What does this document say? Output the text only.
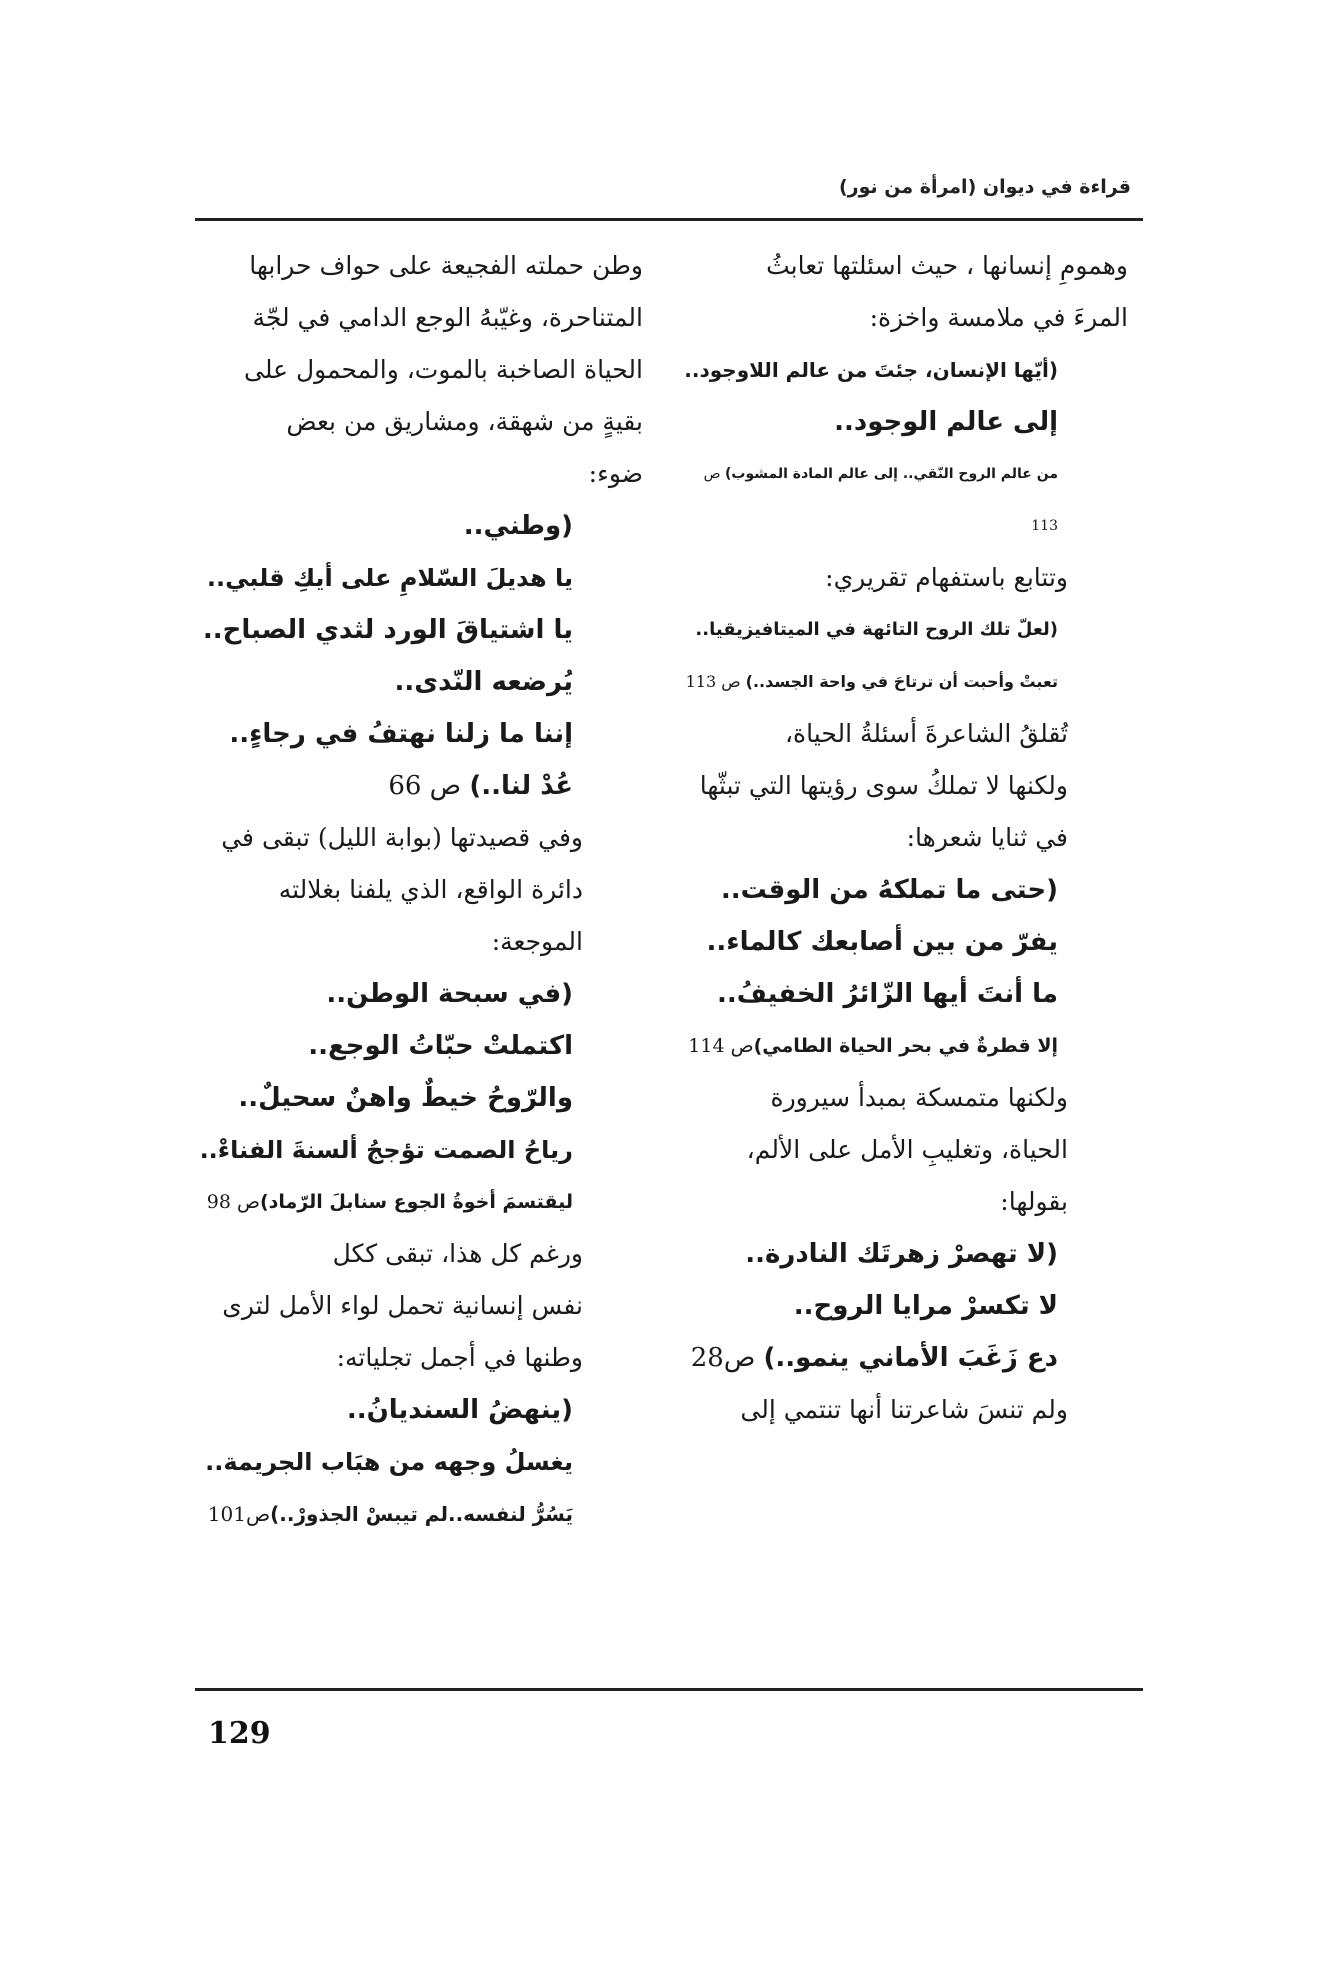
قراءة في ديوان (امرأة من نور)

وهمومِ إنسانها ، حيث اسئلتها تعابثُ
المرءَ في ملامسة واخزة:

(أيّها الإنسان، جئتَ من عالم اللاوجود..

إلى عالم الوجود..

من عالم الروح النّقي.. إلى عالم المادة المشوب) ص 113

وتتابع باستفهام تقريري:

(لعلّ تلك الروح التائهة في الميتافيزيقيا..

تعبتْ وأحبت أن ترتاحَ في واحة الجسد..) ص 113

تُقلقُ الشاعرةَ أسئلةُ الحياة،
ولكنها لا تملكُ سوى رؤيتها التي تبثّها
في ثنايا شعرها:

(حتى ما تملكهُ من الوقت..

يفرّ من بين أصابعك كالماء..

ما أنتَ أيها الزّائرُ الخفيفُ..

إلا قطرةٌ في بحر الحياة الطامي)ص 114

ولكنها متمسكة بمبدأ سيرورة
الحياة، وتغليبِ الأمل على الألم،
بقولها:

(لا تهصرْ زهرتَك النادرة..

لا تكسرْ مرايا الروح..

دع زَغَبَ الأماني ينمو..) ص28

ولم تنسَ شاعرتنا أنها تنتمي إلى

وطن حملته الفجيعة على حواف حرابها
المتناحرة، وغيّبهُ الوجع الدامي في لجّة
الحياة الصاخبة بالموت، والمحمول على
بقيةٍ من شهقة، ومشاريق من بعض
ضوء:

(وطني..

يا هديلَ السّلامِ على أيكِ قلبي..

يا اشتياقَ الورد لثدي الصباح..

يُرضعه النّدى..

إننا ما زلنا نهتفُ في رجاءٍ..

عُدْ لنا..) ص 66

وفي قصيدتها (بوابة الليل) تبقى في
دائرة الواقع، الذي يلفنا بغلالته
الموجعة:

(في سبحة الوطن..

اكتملتْ حبّاتُ الوجع..

والرّوحُ خيطٌ واهنٌ سحيلٌ..

رياحُ الصمت تؤججُ ألسنةَ الفناءْ..

ليقتسمَ أخوةُ الجوع سنابلَ الرّماد)ص 98

ورغم كل هذا، تبقى ككل
نفس إنسانية تحمل لواء الأمل لترى
وطنها في أجمل تجلياته:

(ينهضُ السنديانُ..

يغسلُ وجهه من هبَاب الجريمة..

يَسُرُّ لنفسه..لم تيبسْ الجذورْ..)ص101

129
